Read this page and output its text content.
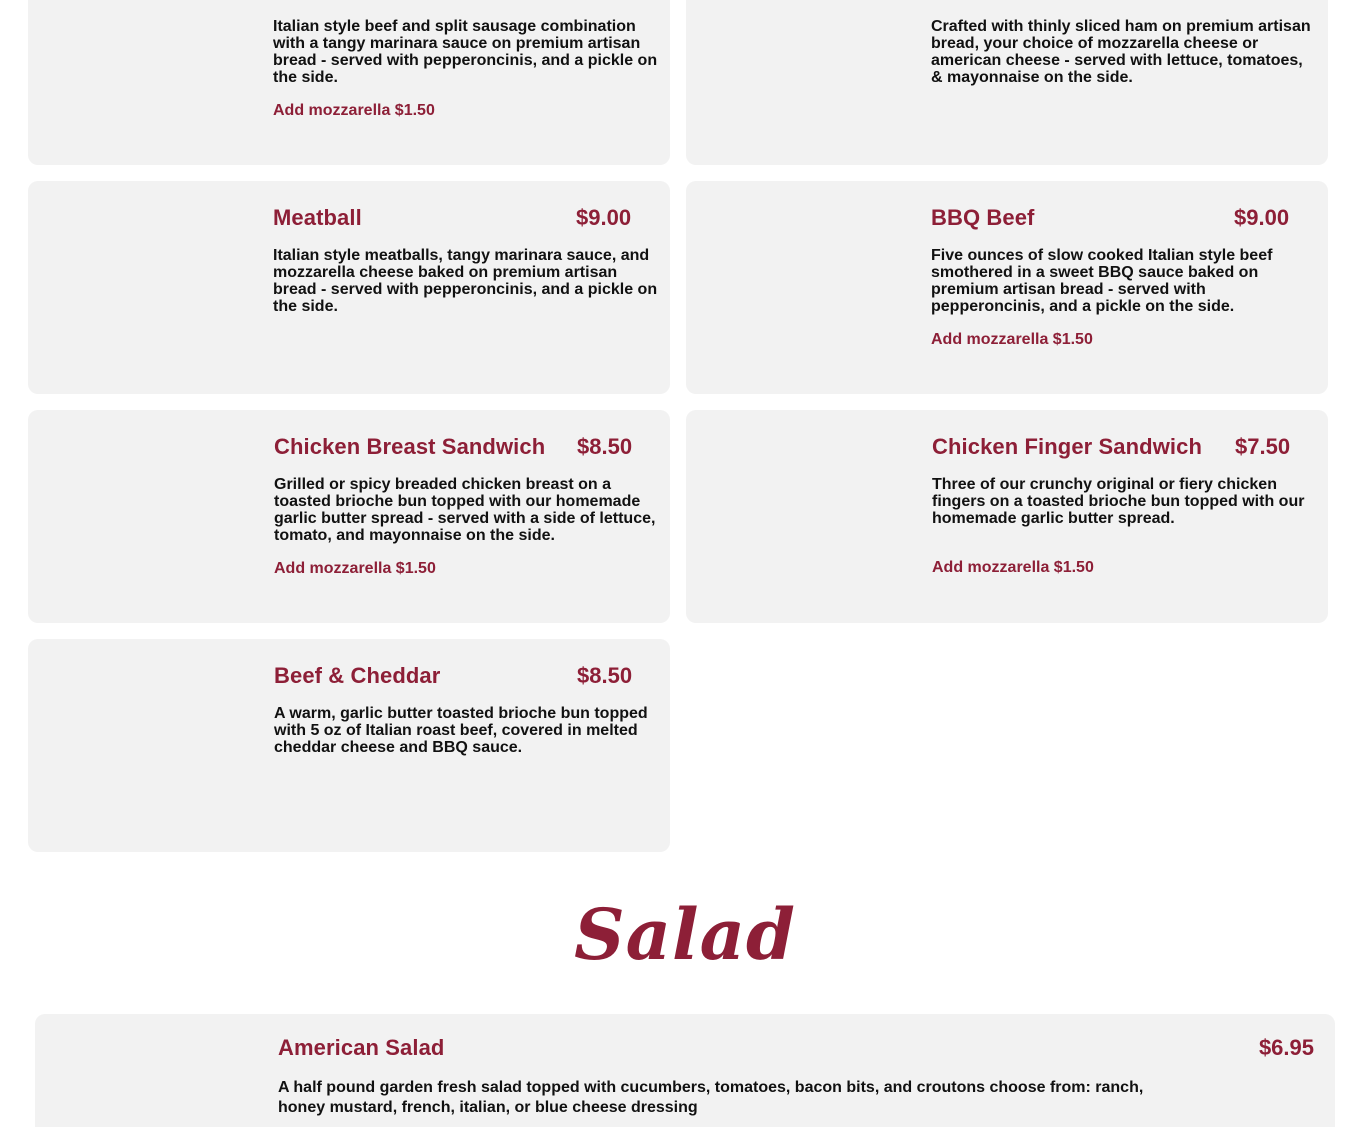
Italian style beef and split sausage combination with a tangy marinara sauce on premium artisan bread - served with pepperoncinis, and a pickle on the side.
Add mozzarella $1.50
Crafted with thinly sliced ham on premium artisan bread, your choice of mozzarella cheese or american cheese - served with lettuce, tomatoes, & mayonnaise on the side.
Meatball	$9.00
Italian style meatballs, tangy marinara sauce, and mozzarella cheese baked on premium artisan bread - served with pepperoncinis, and a pickle on the side.
BBQ Beef	$9.00
Five ounces of slow cooked Italian style beef smothered in a sweet BBQ sauce baked on premium artisan bread - served with pepperoncinis, and a pickle on the side.
Add mozzarella $1.50
Chicken Breast Sandwich $8.50
Grilled or spicy breaded chicken breast on a toasted brioche bun topped with our homemade garlic butter spread - served with a side of lettuce, tomato, and mayonnaise on the side.
Add mozzarella $1.50
Chicken Finger Sandwich $7.50
Three of our crunchy original or fiery chicken fingers on a toasted brioche bun topped with our homemade garlic butter spread.
Add mozzarella $1.50
Beef & Cheddar	$8.50
A warm, garlic butter toasted brioche bun topped with 5 oz of Italian roast beef, covered in melted cheddar cheese and BBQ sauce.
Salad
American Salad	$6.95
A half pound garden fresh salad topped with cucumbers, tomatoes, bacon bits, and croutons choose from: ranch, honey mustard, french, italian, or blue cheese dressing
